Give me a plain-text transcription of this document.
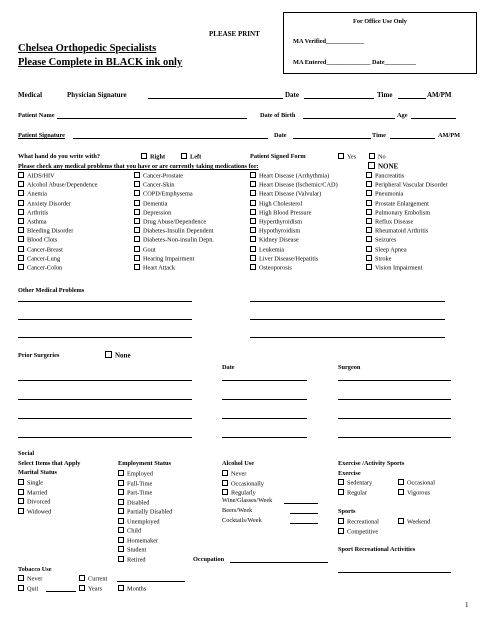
PLEASE PRINT
Chelsea Orthopedic Specialists
Please Complete in BLACK ink only
For Office Use Only
MA Verified____________
MA Entered______________ Date__________
Medical	Physician Signature	Date	Time	AM/PM
Patient Name	Date of Birth	Age
Patient Signature	Date	Time	AM/PM
What hand do you write with?	Right	Left	Patient Signed Form	Yes	No
Please check any medical problems that you have or are currently taking medications for:	NONE
AIDS/HIV
Alcohol Abuse/Dependence
Anemia
Anxiety Disorder
Arthritis
Asthma
Bleeding Disorder
Blood Clots
Cancer-Breast
Cancer-Lung
Cancer-Colon
Cancer-Prostate
Cancer-Skin
COPD/Emphysema
Dementia
Depression
Drug Abuse/Dependence
Diabetes-Insulin Dependent
Diabetes-Non-insulin Depn.
Gout
Hearing Impairment
Heart Attack
Heart Disease (Arrhythmia)
Heart Disease (Ischemic/CAD)
Heart Disease (Valvular)
High Cholesterol
High Blood Pressure
Hyperthyroidism
Hypothyroidism
Kidney Disease
Leukemia
Liver Disease/Hepatitis
Osteoporosis
Pancreatitis
Peripheral Vascular Disorder
Pneumonia
Prostate Enlargement
Pulmonary Embolism
Reflux Disease
Rheumatoid Arthritis
Seizures
Sleep Apnea
Stroke
Vision Impairment
Other Medical Problems
Prior Surgeries	None
Date	Surgeon
Social
Select Items that Apply
Marital Status
Single
Married
Divorced
Widowed
Employment Status
Employed
Full-Time
Part-Time
Disabled
Partially Disabled
Unemployed
Child
Homemaker
Student
Retired	Occupation
Alcohol Use
Never
Occasionally
Regularly
Wine/Glasses/Week
Beers/Week
Cocktails/Week
Exercise /Activity Sports
Exercise
Sedentary	Occasional
Regular	Vigorous
Sports
Recreational	Weekend
Competitive
Sport Recreational Activities
Tobacco Use
Never	Current
Quit	Years	Months
1
